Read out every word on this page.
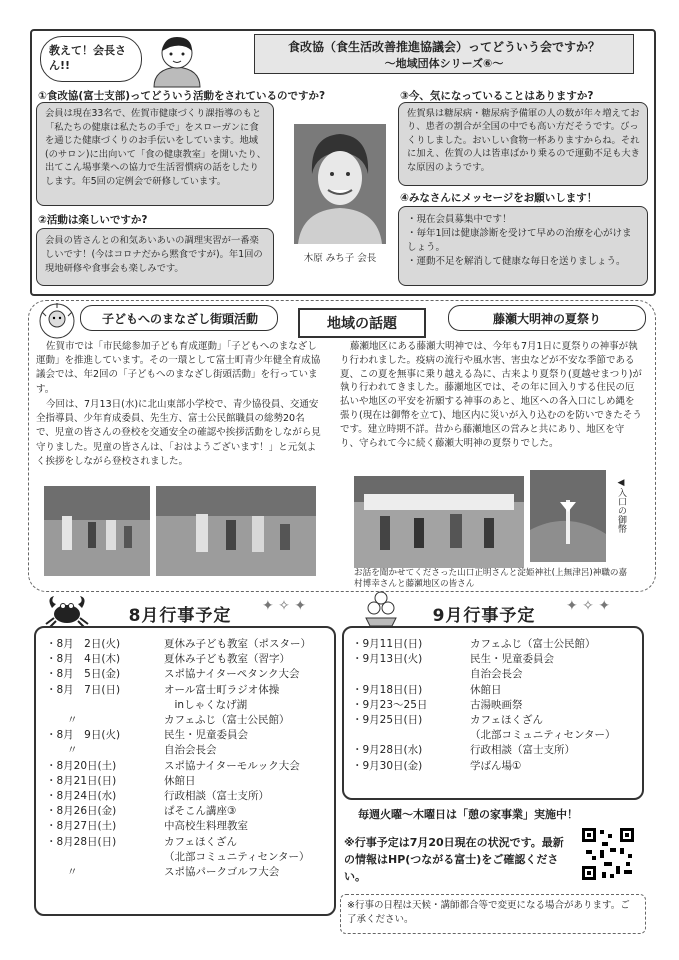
教えて！会長さん!!
食改協（食生活改善推進協議会）ってどういう会ですか？
〜地域団体シリーズ⑥〜
①食改協(富士支部)ってどういう活動をされているのですか?
会員は現在33名で、佐賀市健康づくり課指導のもと「私たちの健康は私たちの手で」をスローガンに食を通じた健康づくりのお手伝いをしています。地域(のサロン)に出向いて「食の健康教室」を開いたり、出てこん場事業への協力で生活習慣病の話をしたりします。年5回の定例会で研修しています。
②活動は楽しいですか?
会員の皆さんとの和気あいあいの調理実習が一番楽しいです！(今はコロナだから黙食ですが)。年1回の現地研修や食事会も楽しみです。
木原 みち子 会長
③今、気になっていることはありますか?
佐賀県は糖尿病・糖尿病予備軍の人の数が年々増えており、患者の割合が全国の中でも高い方だそうです。びっくりしました。おいしい食物一杯ありますからね。それに加え、佐賀の人は皆車ばかり乗るので運動不足も大きな原因のようです。
④みなさんにメッセージをお願いします！
・現在会員募集中です！
・毎年1回は健康診断を受けて早めの治療を心がけましょう。
・運動不足を解消して健康な毎日を送りましょう。
子どもへのまなざし街頭活動	地域の話題	藤瀬大明神の夏祭り
佐賀市では「市民総参加子ども育成運動」「子どもへのまなざし運動」を推進しています。その一環として富士町青少年健全育成協議会では、年2回の「子どもへのまなざし街頭活動」を行っています。
今回は、7月13日(水)に北山東部小学校で、青少協役員、交通安全指導員、少年育成委員、先生方、富士公民館職員の総勢20名で、児童の皆さんの登校を交通安全の確認や挨拶活動をしながら見守りました。児童の皆さんは、「おはようございます！」と元気よく挨拶をしながら登校されました。
藤瀬地区にある藤瀬大明神では、今年も7月1日に夏祭りの神事が執り行われました。疫病の流行や風水害、害虫などが不安な季節である夏、この夏を無事に乗り越える為に、古来より夏祭り(夏越せまつり)が執り行われてきました。藤瀬地区では、その年に回入りする住民の厄払いや地区の平安を祈願する神事のあと、地区への各入口にしめ縄を張り(現在は御幣を立て)、地区内に災いが入り込むのを防いできたそうです。建立時期不詳。昔から藤瀬地区の営みと共にあり、地区を守り、守られて今に続く藤瀬大明神の夏祭りでした。
◀入口の御幣
お話を聞かせてくださった山口正明さんと淀姫神社(上無津呂)神職の嘉村博幸さんと藤瀬地区の皆さん
8月行事予定	✦ ✧ ✦
・8月　2日(火)	夏休み子ども教室（ポスター）
・8月　4日(木)	夏休み子ども教室（習字）
・8月　5日(金)	スポ協ナイターペタンク大会
・8月　7日(日)	オール富士町ラジオ体操
　inしゃくなげ湖
　　〃	カフェふじ（富士公民館）
・8月　9日(火)	民生・児童委員会
　　〃	自治会長会
・8月20日(土)	スポ協ナイターモルック大会
・8月21日(日)	休館日
・8月24日(水)	行政相談（富士支所）
・8月26日(金)	ぱそこん講座③
・8月27日(土)	中高校生料理教室
・8月28日(日)	カフェほくざん
（北部コミュニティセンター）
　　〃	スポ協パークゴルフ大会
9月行事予定	✦ ✧ ✦
・9月11日(日)	カフェふじ（富士公民館）
・9月13日(火)	民生・児童委員会
自治会長会
・9月18日(日)	休館日
・9月23〜25日	古湯映画祭
・9月25日(日)	カフェほくざん
（北部コミュニティセンター）
・9月28日(水)	行政相談（富士支所）
・9月30日(金)	学ばん場①
毎週火曜〜木曜日は「憩の家事業」実施中！
※行事予定は7月20日現在の状況です。最新の情報はHP(つながる富士)をご確認ください。
※行事の日程は天候・講師都合等で変更になる場合があります。ご了承ください。
